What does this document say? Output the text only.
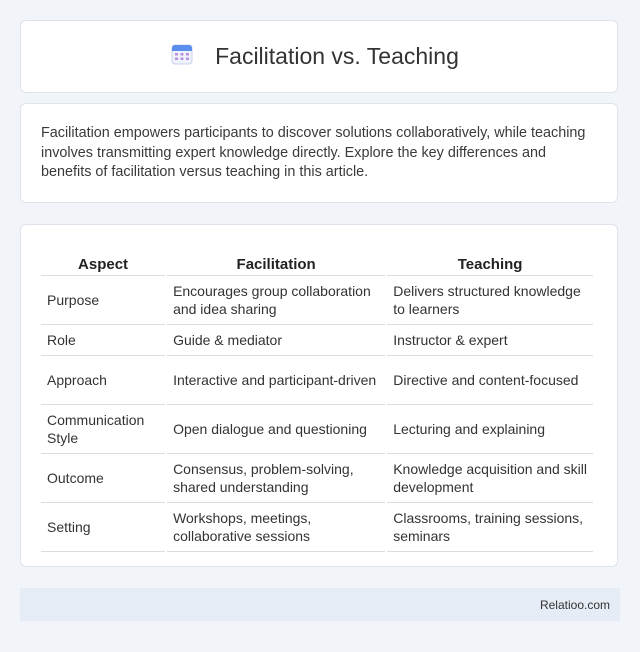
Facilitation vs. Teaching

Facilitation empowers participants to discover solutions collaboratively, while teaching involves transmitting expert knowledge directly. Explore the key differences and benefits of facilitation versus teaching in this article.

Aspect	Facilitation	Teaching
Purpose	Encourages group collaboration and idea sharing	Delivers structured knowledge to learners
Role	Guide & mediator	Instructor & expert
Approach	Interactive and participant-driven	Directive and content-focused
Communication Style	Open dialogue and questioning	Lecturing and explaining
Outcome	Consensus, problem-solving, shared understanding	Knowledge acquisition and skill development
Setting	Workshops, meetings, collaborative sessions	Classrooms, training sessions, seminars
Relatioo.com
